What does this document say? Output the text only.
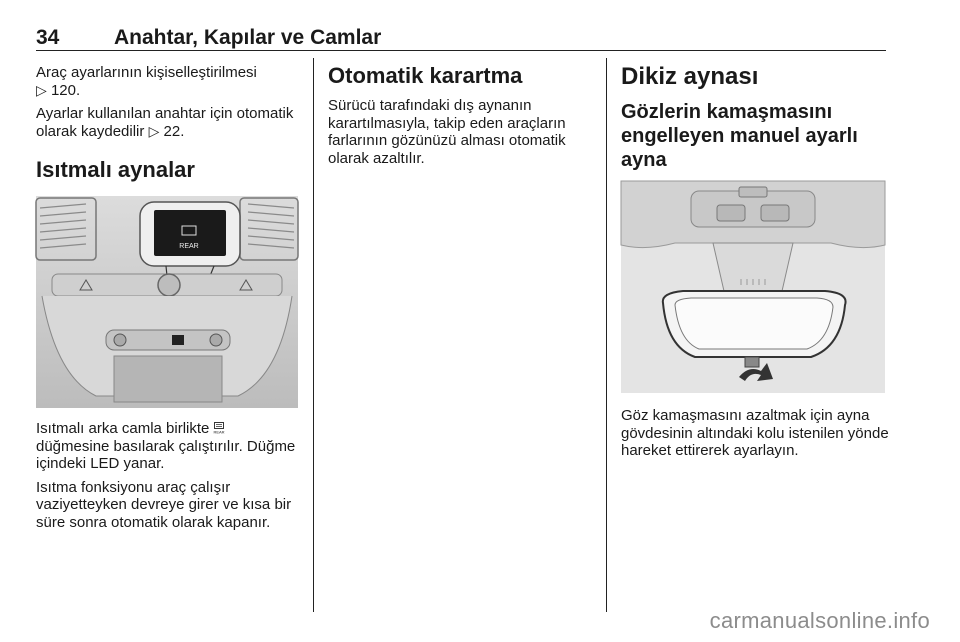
34	Anahtar, Kapılar ve Camlar

Araç ayarlarının kişiselleştirilmesi
▷ 120.

Ayarlar kullanılan anahtar için otomatik olarak kaydedilir ▷ 22.

Isıtmalı aynalar
REAR

Isıtmalı arka camla birlikte REAR

düğmesine basılarak çalıştırılır. Düğme içindeki LED yanar.

Isıtma fonksiyonu araç çalışır vaziyetteyken devreye girer ve kısa bir süre sonra otomatik olarak kapanır.

Otomatik karartma

Sürücü tarafındaki dış aynanın karartılmasıyla, takip eden araçların farlarının gözünüzü alması otomatik olarak azaltılır.

Dikiz aynası
Gözlerin kamaşmasını engelleyen manuel ayarlı ayna

Göz kamaşmasını azaltmak için ayna gövdesinin altındaki kolu istenilen yönde hareket ettirerek ayarlayın.

carmanualsonline.info
